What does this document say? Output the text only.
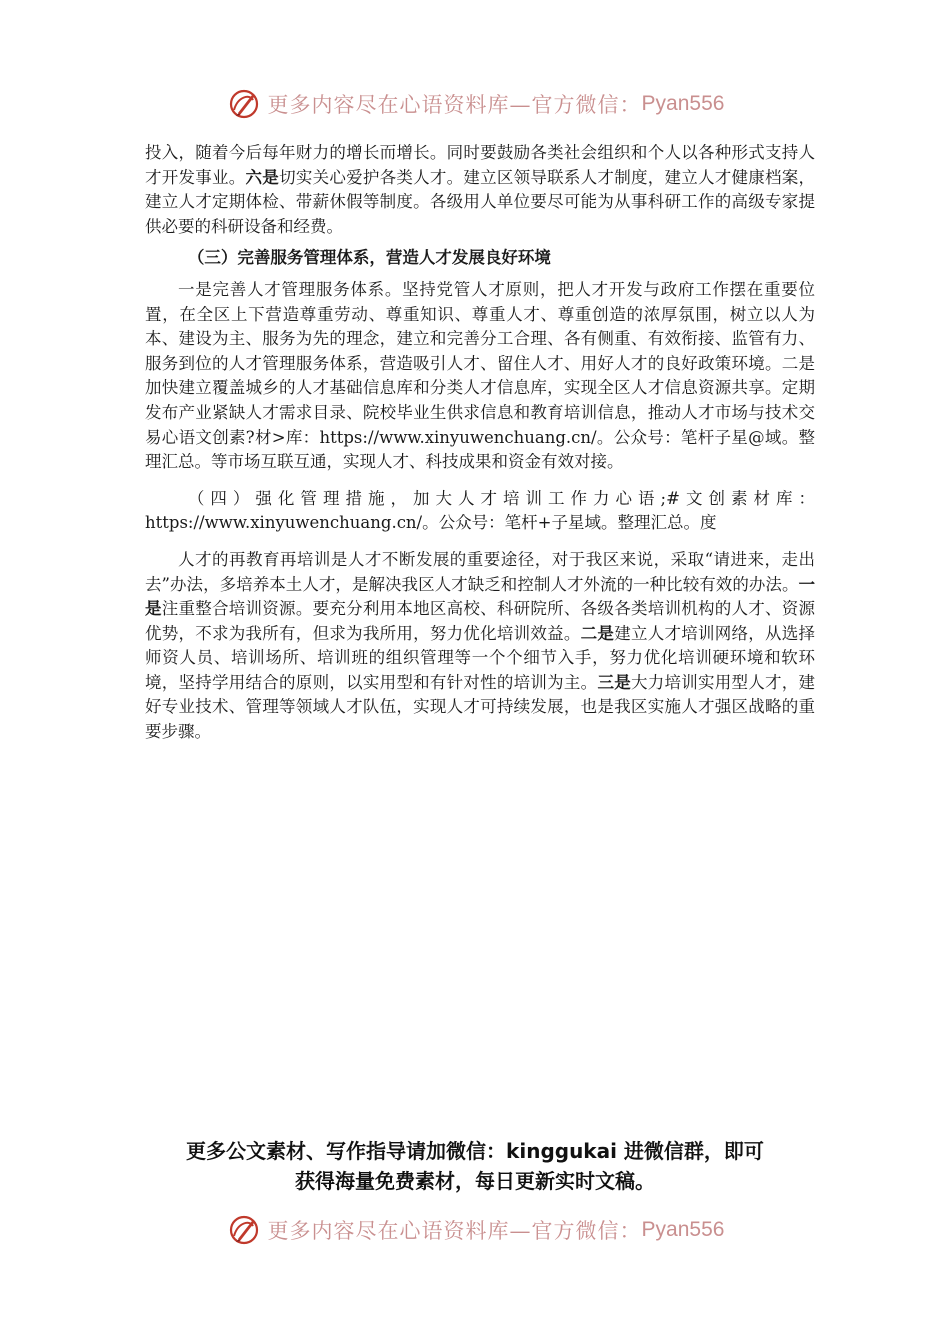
更多内容尽在心语资料库—官方微信： Pyan556

投入，随着今后每年财力的增长而增长。同时要鼓励各类社会组织和个人以各种形式支持人才开发事业。六是切实关心爱护各类人才。建立区领导联系人才制度，建立人才健康档案，建立人才定期体检、带薪休假等制度。各级用人单位要尽可能为从事科研工作的高级专家提供必要的科研设备和经费。

（三）完善服务管理体系，营造人才发展良好环境

一是完善人才管理服务体系。坚持党管人才原则，把人才开发与政府工作摆在重要位置，在全区上下营造尊重劳动、尊重知识、尊重人才、尊重创造的浓厚氛围，树立以人为本、建设为主、服务为先的理念，建立和完善分工合理、各有侧重、有效衔接、监管有力、服务到位的人才管理服务体系，营造吸引人才、留住人才、用好人才的良好政策环境。二是加快建立覆盖城乡的人才基础信息库和分类人才信息库，实现全区人才信息资源共享。定期发布产业紧缺人才需求目录、院校毕业生供求信息和教育培训信息，推动人才市场与技术交易心语文创素?材>库：https://www.xinyuwenchuang.cn/。公众号：笔杆子星@域。整理汇总。等市场互联互通，实现人才、科技成果和资金有效对接。

（四）强化管理措施，加大人才培训工作力心语;#文创素材库：https://www.xinyuwenchuang.cn/。公众号：笔杆+子星域。整理汇总。度

人才的再教育再培训是人才不断发展的重要途径，对于我区来说，采取“请进来，走出去”办法，多培养本土人才，是解决我区人才缺乏和控制人才外流的一种比较有效的办法。一是注重整合培训资源。要充分利用本地区高校、科研院所、各级各类培训机构的人才、资源优势，不求为我所有，但求为我所用，努力优化培训效益。二是建立人才培训网络，从选择师资人员、培训场所、培训班的组织管理等一个个细节入手，努力优化培训硬环境和软环境，坚持学用结合的原则，以实用型和有针对性的培训为主。三是大力培训实用型人才，建好专业技术、管理等领域人才队伍，实现人才可持续发展，也是我区实施人才强区战略的重要步骤。

更多公文素材、写作指导请加微信：kinggukai 进微信群，即可
获得海量免费素材，每日更新实时文稿。
更多内容尽在心语资料库—官方微信： Pyan556
